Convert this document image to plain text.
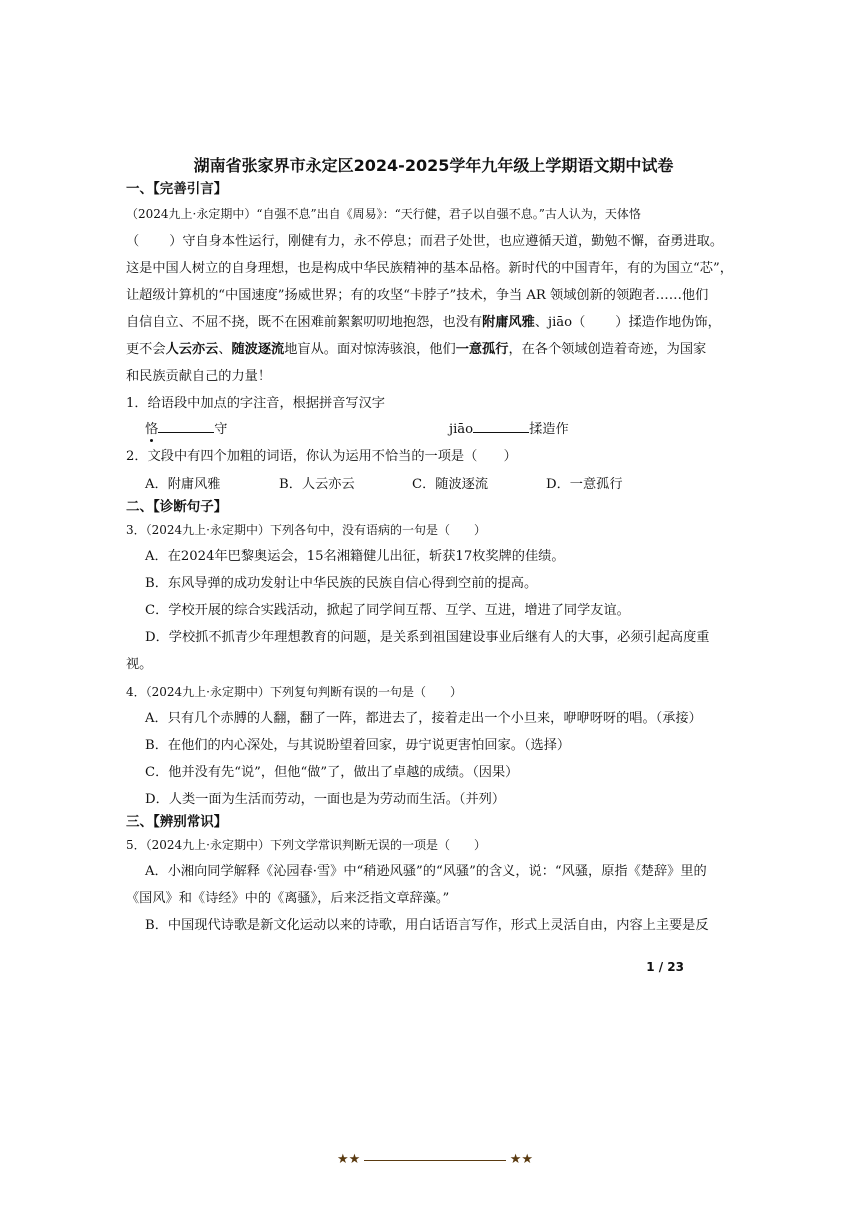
湖南省张家界市永定区2024-2025学年九年级上学期语文期中试卷
一、【完善引言】
（2024九上·永定期中）“自强不息”出自《周易》：“天行健，君子以自强不息。”古人认为，天体恪
（ ）守自身本性运行，刚健有力，永不停息；而君子处世，也应遵循天道，勤勉不懈，奋勇进取。
这是中国人树立的自身理想，也是构成中华民族精神的基本品格。新时代的中国青年，有的为国立“芯”，
让超级计算机的“中国速度”扬威世界；有的攻坚“卡脖子”技术，争当 AR 领域创新的领跑者……他们
自信自立、不屈不挠，既不在困难前絮絮叨叨地抱怨，也没有附庸风雅、jiāo（ ）揉造作地伪饰，
更不会人云亦云、随波逐流地盲从。面对惊涛骇浪，他们一意孤行，在各个领域创造着奇迹，为国家
和民族贡献自己的力量！
1．给语段中加点的字注音，根据拼音写汉字
恪	守	jiāo	揉造作
2．文段中有四个加粗的词语，你认为运用不恰当的一项是（　　）
A．附庸风雅	B．人云亦云	C．随波逐流	D．一意孤行
二、【诊断句子】
3．（2024九上·永定期中）下列各句中，没有语病的一句是（　　）
A．在2024年巴黎奥运会，15名湘籍健儿出征，斩获17枚奖牌的佳绩。
B．东风导弹的成功发射让中华民族的民族自信心得到空前的提高。
C．学校开展的综合实践活动，掀起了同学间互帮、互学、互进，增进了同学友谊。
D．学校抓不抓青少年理想教育的问题，是关系到祖国建设事业后继有人的大事，必须引起高度重
视。
4．（2024九上·永定期中）下列复句判断有误的一句是（　　）
A．只有几个赤膊的人翻，翻了一阵，都进去了，接着走出一个小旦来，咿咿呀呀的唱。（承接）
B．在他们的内心深处，与其说盼望着回家，毋宁说更害怕回家。（选择）
C．他并没有先“说”，但他“做”了，做出了卓越的成绩。（因果）
D．人类一面为生活而劳动，一面也是为劳动而生活。（并列）
三、【辨别常识】
5．（2024九上·永定期中）下列文学常识判断无误的一项是（　　）
A．小湘向同学解释《沁园春·雪》中“稍逊风骚”的“风骚”的含义，说：“风骚，原指《楚辞》里的
《国风》和《诗经》中的《离骚》，后来泛指文章辞藻。”
B．中国现代诗歌是新文化运动以来的诗歌，用白话语言写作，形式上灵活自由，内容上主要是反
1 / 23
★★	★★
